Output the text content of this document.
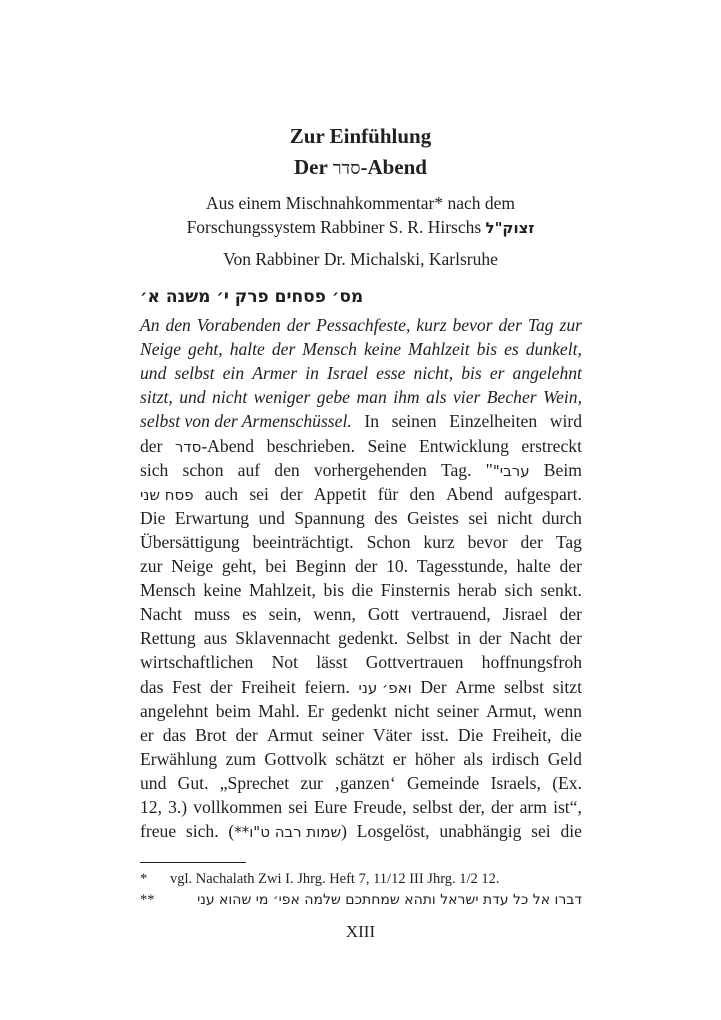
Zur Einfühlung
Der סדר-Abend
Aus einem Mischnahkommentar* nach dem
Forschungssystem Rabbiner S. R. Hirschs זצוק"ל
Von Rabbiner Dr. Michalski, Karlsruhe
מס׳ פסחים פרק י׳ משנה א׳
An den Vorabenden der Pessachfeste, kurz bevor der Tag zur
Neige geht, halte der Mensch keine Mahlzeit bis es dunkelt,
und selbst ein Armer in Israel esse nicht, bis er angelehnt
sitzt, und nicht weniger gebe man ihm als vier Becher Wein,
selbst von der Armenschüssel. In seinen Einzelheiten wird
der סדר-Abend beschrieben. Seine Entwicklung erstreckt
sich schon auf den vorhergehenden Tag. "ערבי" Beim
פסח שני auch sei der Appetit für den Abend aufgespart.
Die Erwartung und Spannung des Geistes sei nicht durch
Übersättigung beeinträchtigt. Schon kurz bevor der Tag
zur Neige geht, bei Beginn der 10. Tagesstunde, halte der
Mensch keine Mahlzeit, bis die Finsternis herab sich senkt.
Nacht muss es sein, wenn, Gott vertrauend, Jisrael der
Rettung aus Sklavennacht gedenkt. Selbst in der Nacht der
wirtschaftlichen Not lässt Gottvertrauen hoffnungsfroh
das Fest der Freiheit feiern. ואפ׳ עני Der Arme selbst sitzt
angelehnt beim Mahl. Er gedenkt nicht seiner Armut, wenn
er das Brot der Armut seiner Väter isst. Die Freiheit, die
Erwählung zum Gottvolk schätzt er höher als irdisch Geld
und Gut. „Sprechet zur ‚ganzen‘ Gemeinde Israels, (Ex.
12, 3.) vollkommen sei Eure Freude, selbst der, der arm ist“,
freue sich. (שמות רבה ט"ו**) Losgelöst, unabhängig sei die
* vgl. Nachalath Zwi I. Jhrg. Heft 7, 11/12 III Jhrg. 1/2 12.
**	דברו אל כל עדת ישראל ותהא שמחתכם שלמה אפי׳ מי שהוא עני
XIII
